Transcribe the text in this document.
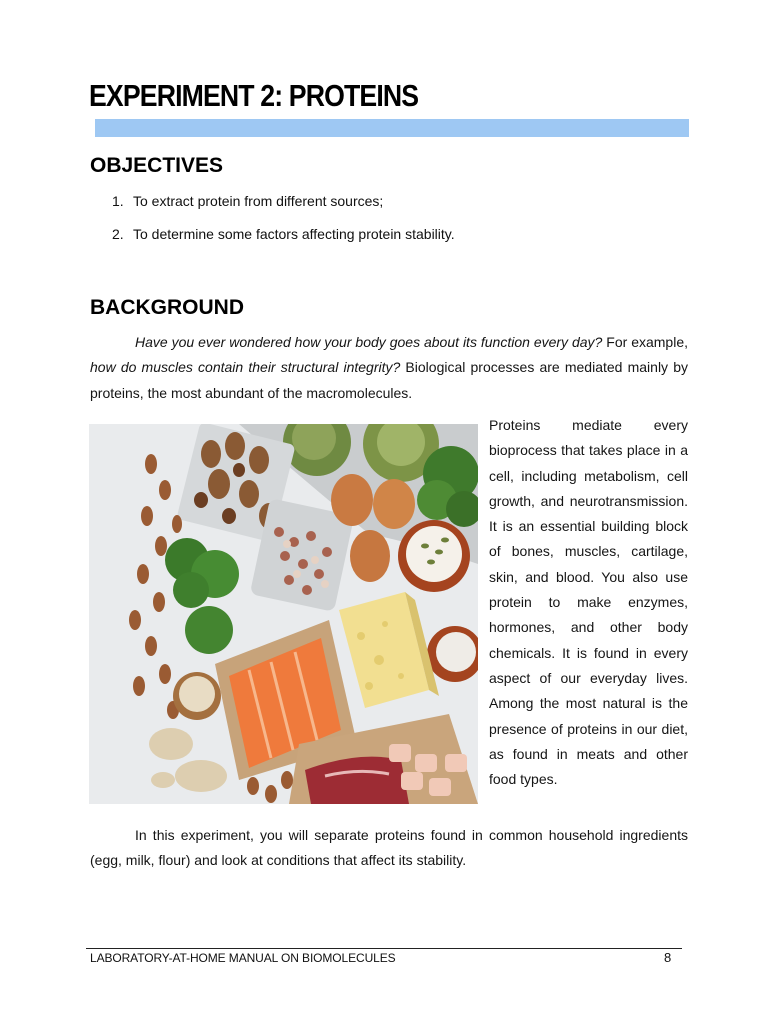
EXPERIMENT 2: PROTEINS
OBJECTIVES
1. To extract protein from different sources;
2. To determine some factors affecting protein stability.
BACKGROUND

Have you ever wondered how your body goes about its function every day? For example, how do muscles contain their structural integrity? Biological processes are mediated mainly by proteins, the most abundant of the macromolecules.

Proteins mediate every bioprocess that takes place in a cell, including metabolism, cell growth, and neurotransmission. It is an essential building block of bones, muscles, cartilage, skin, and blood. You also use protein to make enzymes, hormones, and other body chemicals. It is found in every aspect of our everyday lives. Among the most natural is the presence of proteins in our diet, as found in meats and other food types.

In this experiment, you will separate proteins found in common household ingredients (egg, milk, flour) and look at conditions that affect its stability.

LABORATORY-AT-HOME MANUAL ON BIOMOLECULES	8
